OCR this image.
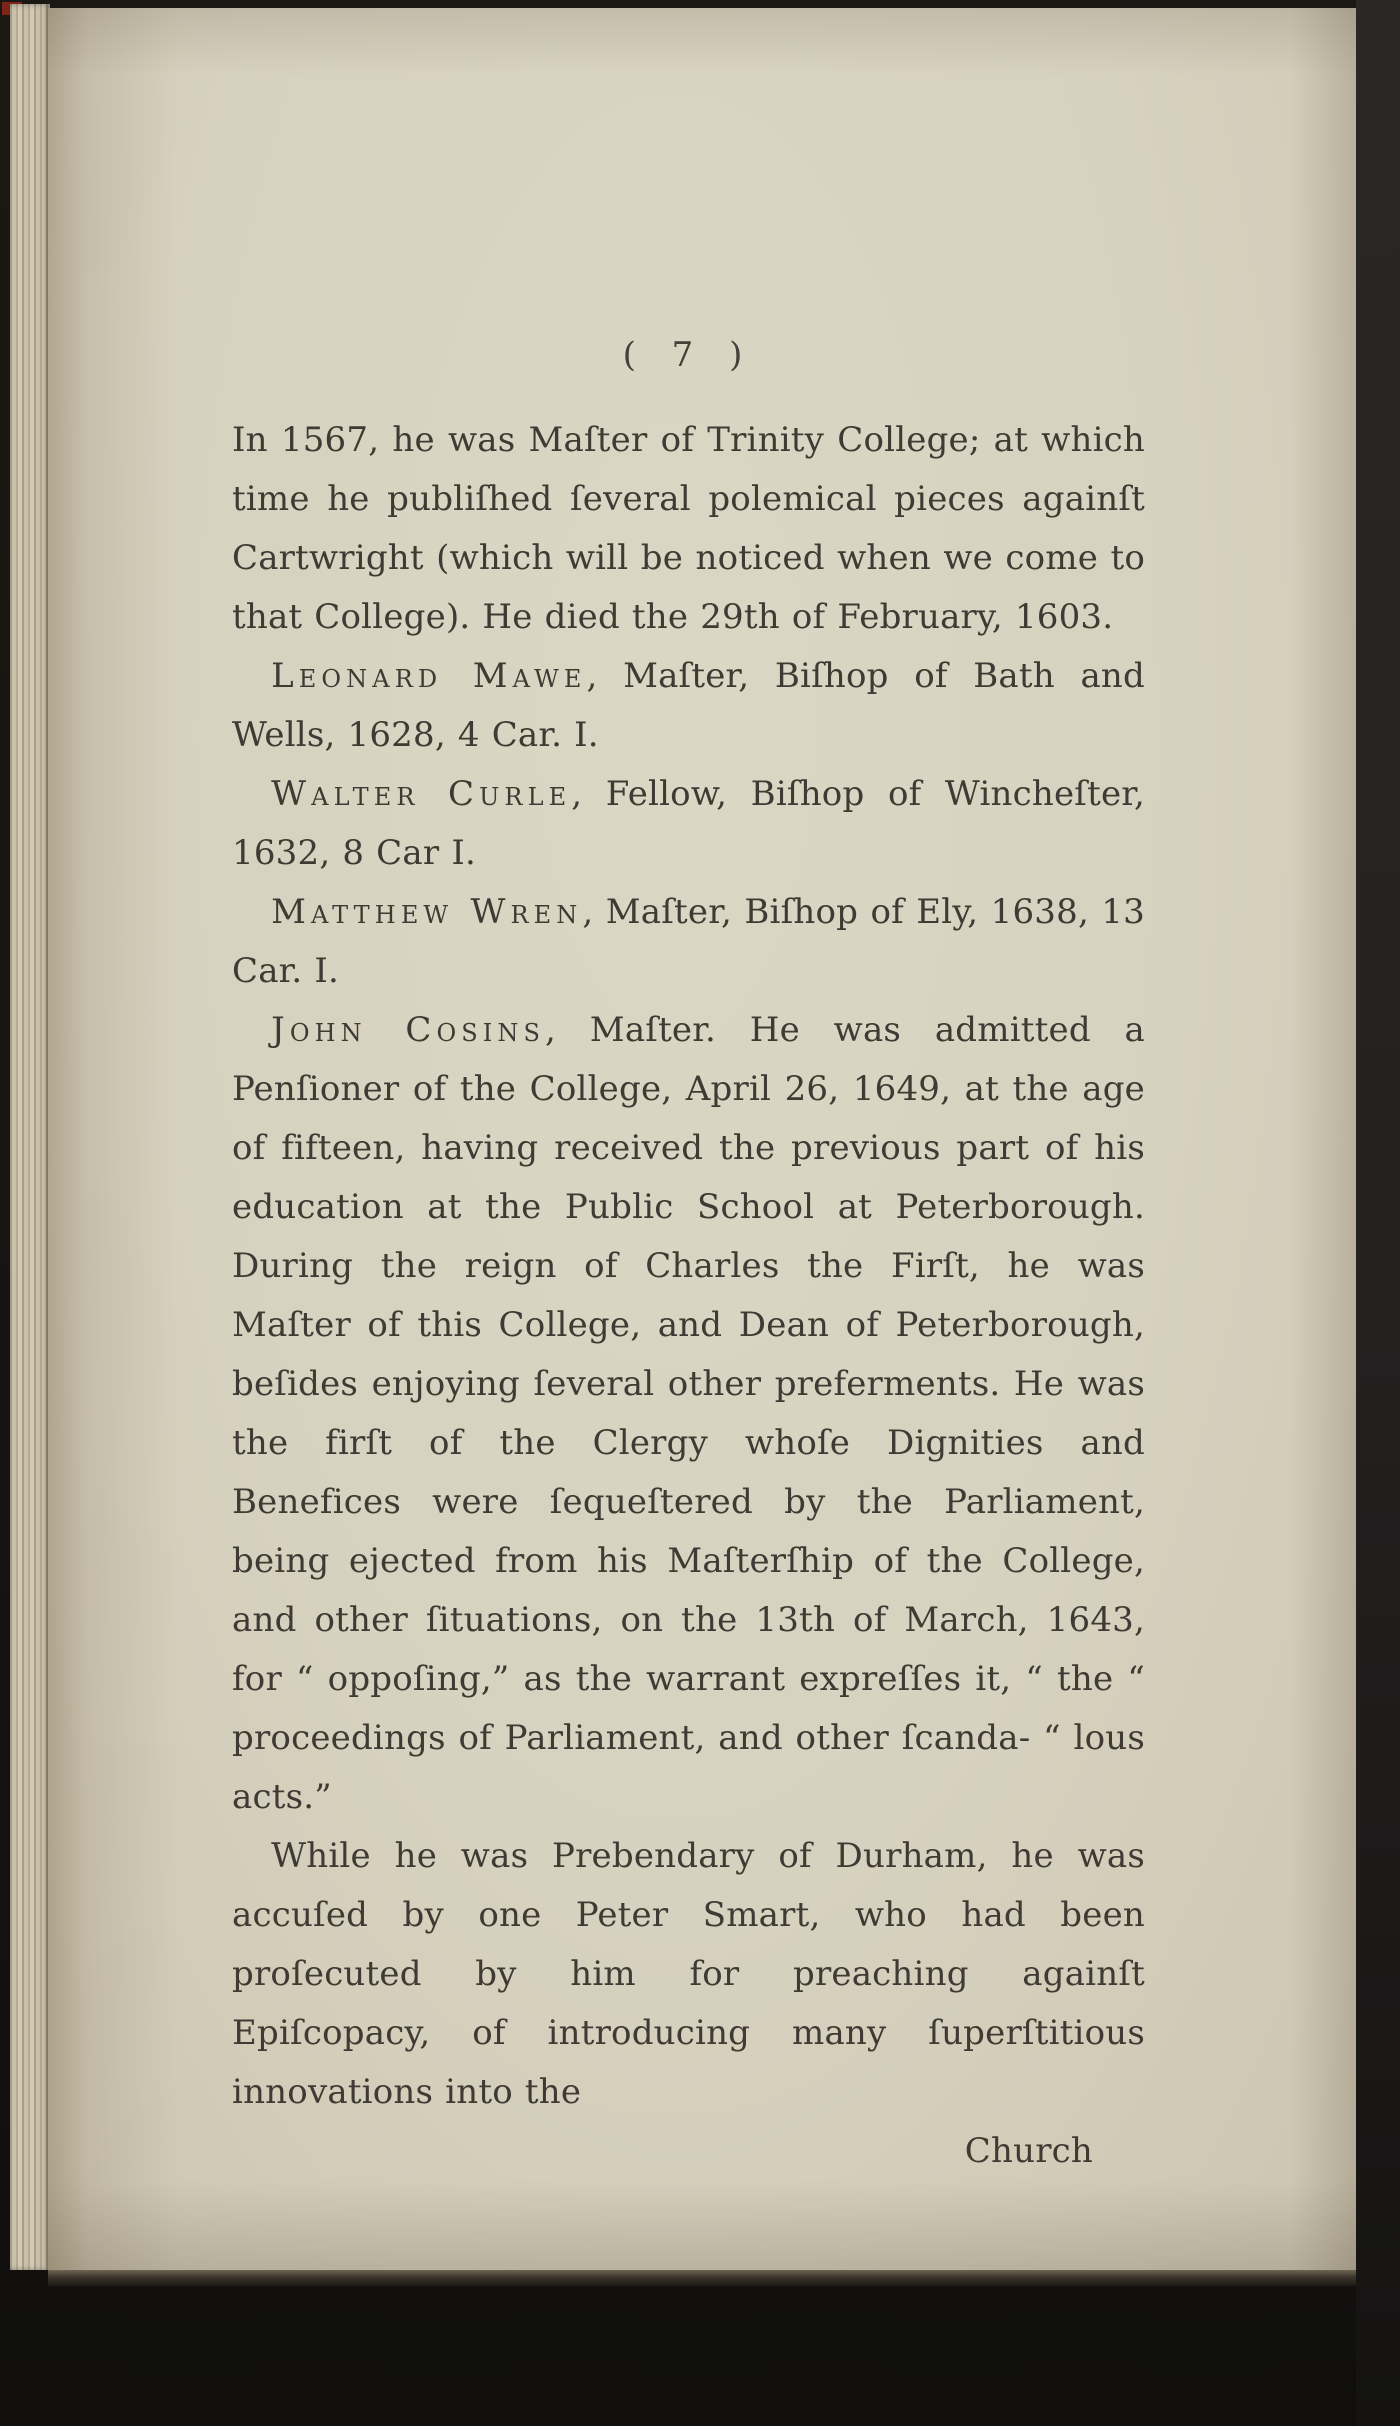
( 7 )

In 1567, he was Maſter of Trinity College; at which time he publiſhed ſeveral polemical pieces againſt Cartwright (which will be noticed when we come to that College). He died the 29th of February, 1603.

Leonard Mawe, Maſter, Biſhop of Bath and Wells, 1628, 4 Car. I.

Walter Curle, Fellow, Biſhop of Wincheſter, 1632, 8 Car I.

Matthew Wren, Maſter, Biſhop of Ely, 1638, 13 Car. I.

John Cosins, Maſter. He was admitted a Penſioner of the College, April 26, 1649, at the age of fifteen, having received the previous part of his education at the Public School at Peterborough. During the reign of Charles the Firſt, he was Maſter of this College, and Dean of Peterborough, beſides enjoying ſeveral other preferments. He was the firſt of the Clergy whoſe Dignities and Benefices were ſequeſtered by the Parliament, being ejected from his Maſterſhip of the College, and other ſituations, on the 13th of March, 1643, for “ oppoſing,” as the warrant expreſſes it, “ the “ proceedings of Parliament, and other ſcanda- “ lous acts.”

While he was Prebendary of Durham, he was accuſed by one Peter Smart, who had been proſecuted by him for preaching againſt Epiſcopacy, of introducing many ſuperſtitious innovations into the

Church
